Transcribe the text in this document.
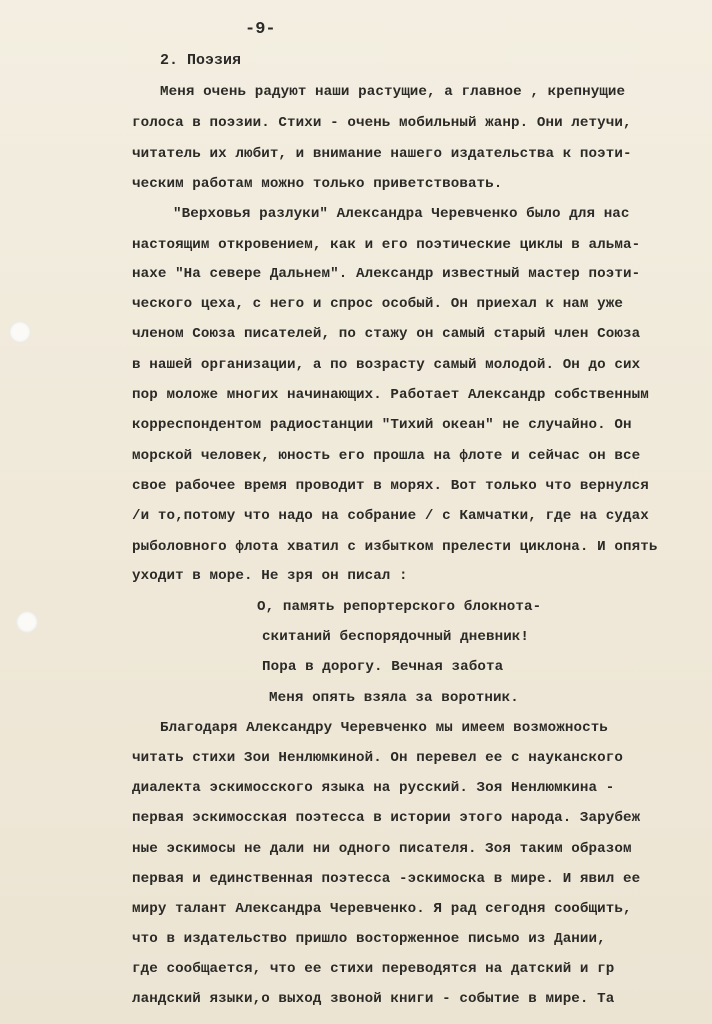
-9-
2. Поэзия
Меня очень радуют наши растущие, а главное , крепнущие
голоса в поэзии. Стихи - очень мобильный жанр. Они летучи,
читатель их любит, и внимание нашего издательства к поэти-
ческим работам можно только приветствовать.
"Верховья разлуки" Александра Черевченко было для нас
настоящим откровением, как и его поэтические циклы в альма-
нахе "На севере Дальнем". Александр известный мастер поэти-
ческого цеха, с него и спрос особый. Он приехал к нам уже
членом Союза писателей, по стажу он самый старый член Союза
в нашей организации, а по возрасту самый молодой. Он до сих
пор моложе многих начинающих. Работает Александр собственным
корреспондентом радиостанции "Тихий океан" не случайно. Он
морской человек, юность его прошла на флоте и сейчас он все
свое рабочее время проводит в морях. Вот только что вернулся
/и то,потому что надо на собрание / с Камчатки, где на судах
рыболовного флота хватил с избытком прелести циклона. И опять
уходит в море. Не зря он писал :
О, память репортерского блокнота-
скитаний беспорядочный дневник!
Пора в дорогу. Вечная забота
Меня опять взяла за воротник.
Благодаря Александру Черевченко мы имеем возможность
читать стихи Зои Ненлюмкиной. Он перевел ее с науканского
диалекта эскимосского языка на русский. Зоя Ненлюмкина -
первая эскимосская поэтесса в истории этого народа. Зарубеж
ные эскимосы не дали ни одного писателя. Зоя таким образом
первая и единственная поэтесса -эскимоска в мире. И явил ее
миру талант Александра Черевченко. Я рад сегодня сообщить,
что в издательство пришло восторженное письмо из Дании,
где сообщается, что ее стихи переводятся на датский и гр
ландский языки,о выход звоной книги - событие в мире. Та
